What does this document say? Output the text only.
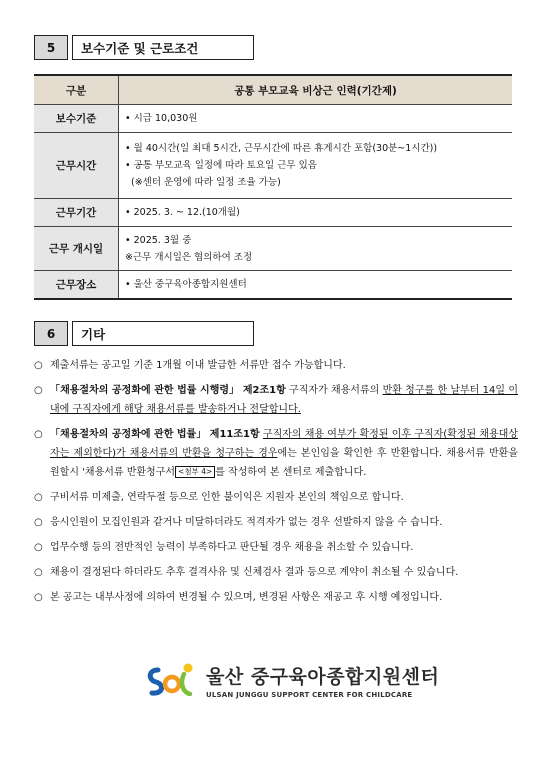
5	보수기준 및 근로조건
구분	공통 부모교육 비상근 인력(기간제)
보수기준	• 시급 10,030원

근무시간	• 월 40시간(일 최대 5시간, 근무시간에 따른 휴게시간 포함(30분~1시간))
• 공통 부모교육 일정에 따라 토요일 근무 있음
(※센터 운영에 따라 일정 조율 가능)

근무기간	• 2025. 3. ~ 12.(10개월)

근무 개시일	• 2025. 3월 중
※근무 개시일은 협의하여 조정

근무장소	• 울산 중구육아종합지원센터
6	기타
○ 제출서류는 공고일 기준 1개월 이내 발급한 서류만 접수 가능합니다.
○ 「채용절차의 공정화에 관한 법률 시행령」 제2조1항 구직자가 채용서류의 반환 청구를 한 날부터 14일 이내에 구직자에게 해당 채용서류를 발송하거나 전달합니다.
○ 「채용절차의 공정화에 관한 법률」 제11조1항 구직자의 채용 여부가 확정된 이후 구직자(확정된 채용대상자는 제외한다)가 채용서류의 반환을 청구하는 경우에는 본인임을 확인한 후 반환합니다. 채용서류 반환을 원할시 '채용서류 반환청구서 <첨부 4> 를 작성하여 본 센터로 제출합니다.
○ 구비서류 미제출, 연락두절 등으로 인한 불이익은 지원자 본인의 책임으로 합니다.
○ 응시인원이 모집인원과 같거나 미달하더라도 적격자가 없는 경우 선발하지 않을 수 습니다.
○ 업무수행 등의 전반적인 능력이 부족하다고 판단될 경우 채용을 취소할 수 있습니다.
○ 채용이 결정된다 하더라도 추후 결격사유 및 신체검사 결과 등으로 계약이 취소될 수 있습니다.
○ 본 공고는 내부사정에 의하여 변경될 수 있으며, 변경된 사항은 재공고 후 시행 예정입니다.
울산 중구육아종합지원센터
ULSAN JUNGGU SUPPORT CENTER FOR CHILDCARE
